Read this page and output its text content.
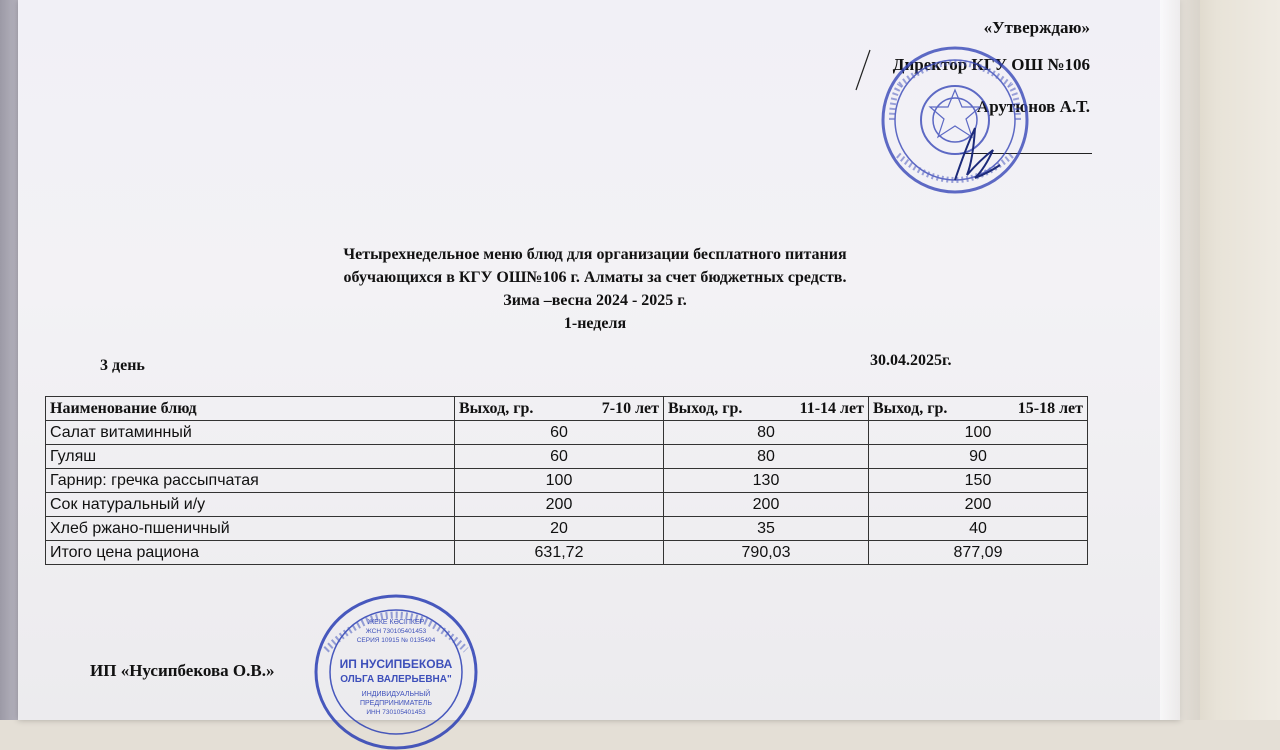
«Утверждаю»
Директор КГУ ОШ №106
Арутюнов А.Т.
Четырехнедельное меню блюд для организации бесплатного питания
обучающихся в КГУ ОШ№106 г. Алматы за счет бюджетных средств.
Зима –весна 2024 - 2025 г.
1-неделя
3 день	30.04.2025г.
Наименование блюд	Выход, гр. 7-10 лет	Выход, гр. 11-14 лет	Выход, гр. 15-18 лет

Салат витаминный	60	80	100
Гуляш	60	80	90
Гарнир: гречка рассыпчатая	100	130	150
Сок натуральный и/у	200	200	200
Хлеб ржано-пшеничный	20	35	40
Итого цена рациона	631,72	790,03	877,09
ИП «Нусипбекова О.В.»
ЖЕКЕ КӘСІПКЕР
ЖСН 730105401453
СЕРИЯ 10915 № 0135494
ИП НУСИПБЕКОВА
ОЛЬГА ВАЛЕРЬЕВНА"
ИНДИВИДУАЛЬНЫЙ
ПРЕДПРИНИМАТЕЛЬ
ИНН 730105401453
